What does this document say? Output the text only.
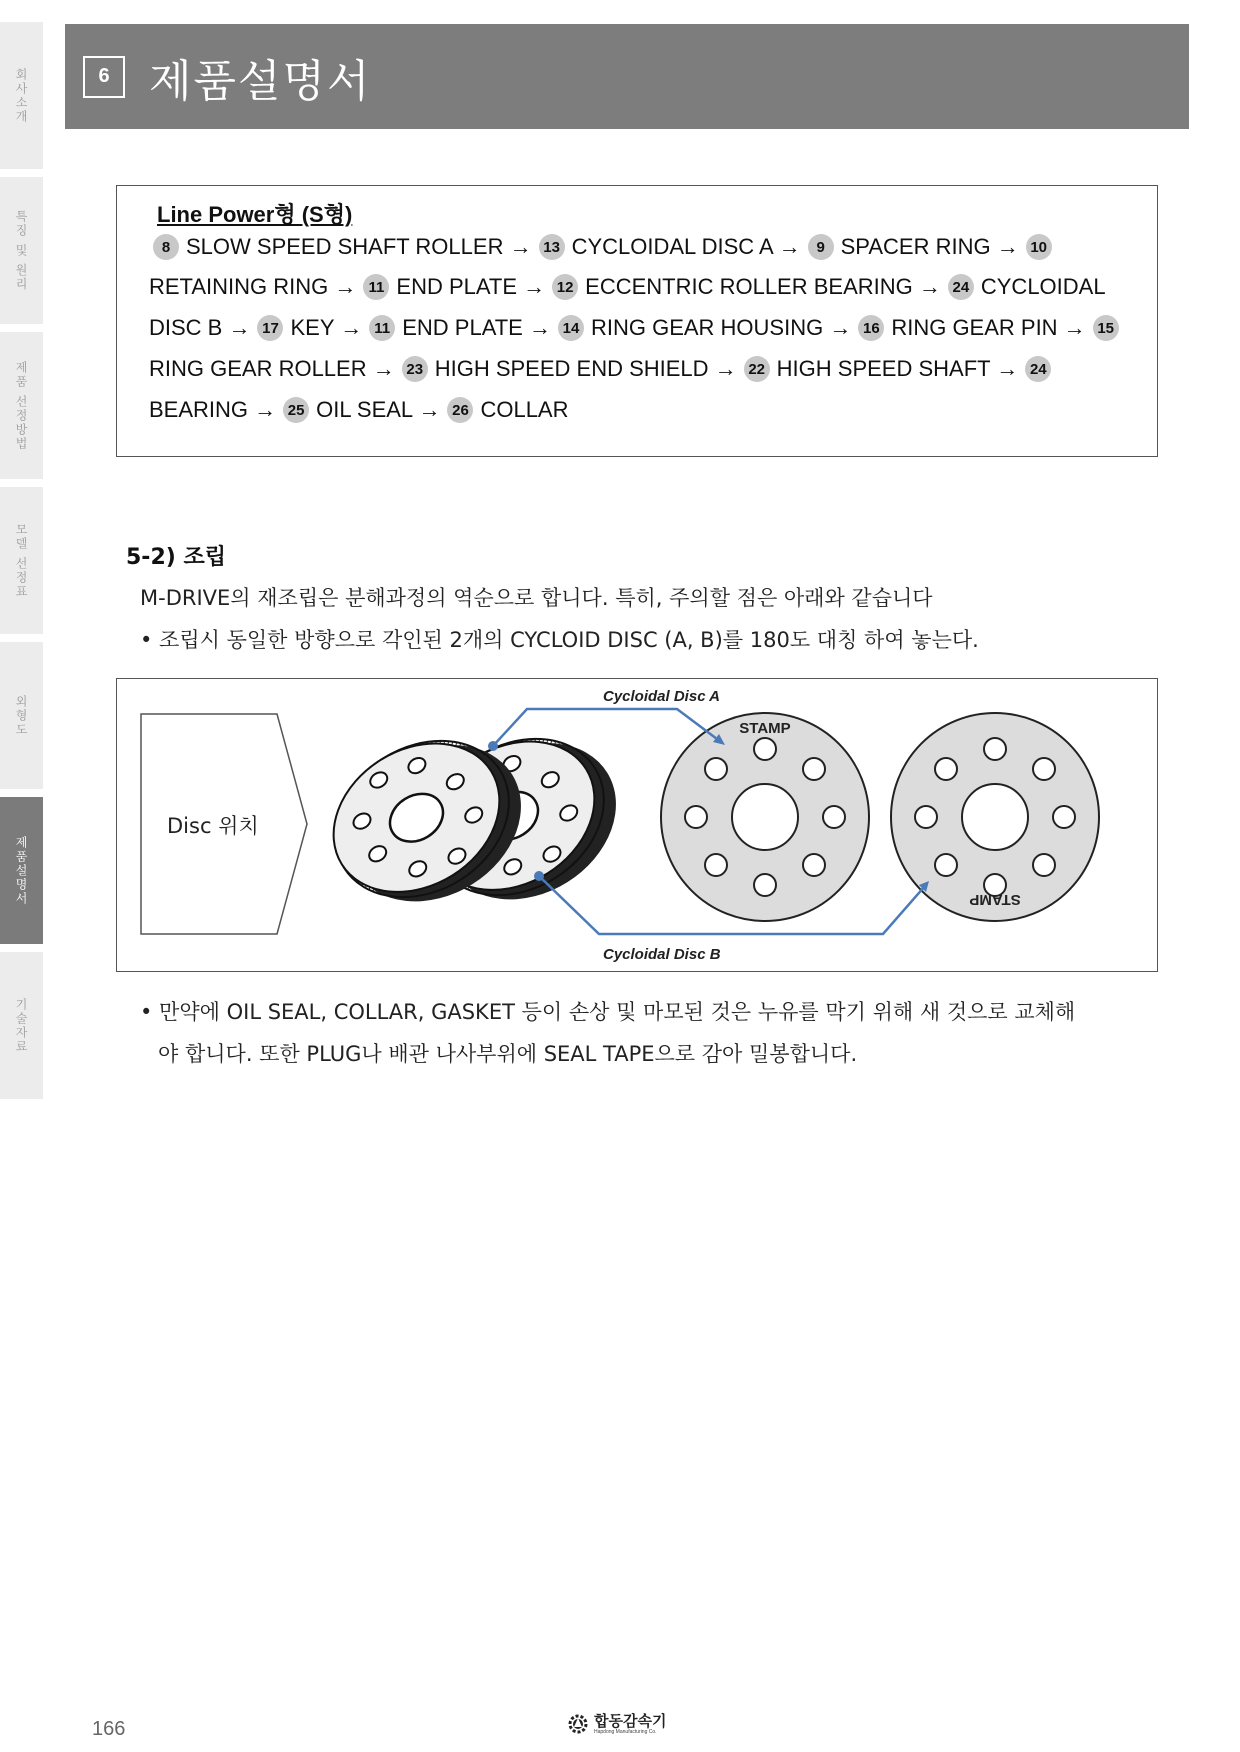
회사소개
특징 및 원리
제품 선정방법
모델 선정표
외형도
제품설명서
기술자료
6 제품설명서
Line Power형 (S형)
8 SLOW SPEED SHAFT ROLLER → 13 CYCLOIDAL DISC A →	9 SPACER RING → 10
RETAINING RING → 11 END PLATE → 12 ECCENTRIC ROLLER BEARING → 24 CYCLOIDAL
DISC B → 17 KEY → 11 END PLATE → 14 RING GEAR HOUSING → 16 RING GEAR PIN → 15
RING GEAR ROLLER → 23 HIGH SPEED END SHIELD → 22 HIGH SPEED SHAFT → 24
BEARING → 25 OIL SEAL → 26 COLLAR
5-2) 조립
M-DRIVE의 재조립은 분해과정의 역순으로 합니다. 특히, 주의할 점은 아래와 같습니다
• 조립시 동일한 방향으로 각인된 2개의 CYCLOID DISC (A, B)를 180도 대칭 하여 놓는다.
Disc 위치
STAMP
STAMP
Cycloidal Disc A
Cycloidal Disc B
• 만약에 OIL SEAL, COLLAR, GASKET 등이 손상 및 마모된 것은 누유를 막기 위해 새 것으로 교체해
야 합니다. 또한 PLUG나 배관 나사부위에 SEAL TAPE으로 감아 밀봉합니다.
166	합동감속기
Hapdong Manufacturing Co.
